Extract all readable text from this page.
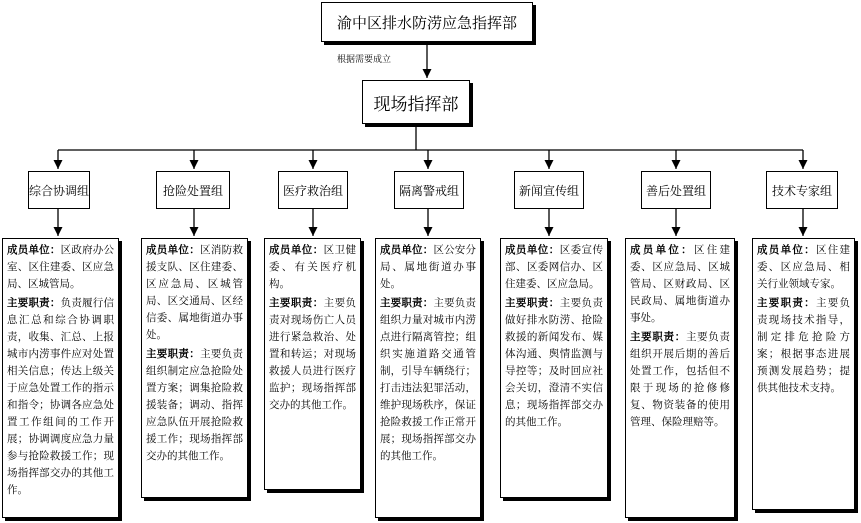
渝中区排水防涝应急指挥部
根据需要成立
现场指挥部
综合协调组	抢险处置组	医疗救治组	隔离警戒组	新闻宣传组	善后处置组	技术专家组

成员单位：区政府办公室、区住建委、区应急局、区城管局。

主要职责：负责履行信息汇总和综合协调职责，收集、汇总、上报城市内涝事件应对处置相关信息；传达上级关于应急处置工作的指示和指令；协调各应急处置工作组间的工作开展；协调调度应急力量参与抢险救援工作；现场指挥部交办的其他工作。

成员单位：区消防救援支队、区住建委、区应急局、区城管局、区交通局、区经信委、属地街道办事处。

主要职责：主要负责组织制定应急抢险处置方案；调集抢险救援装备；调动、指挥应急队伍开展抢险救援工作；现场指挥部交办的其他工作。

成员单位：区卫健委、有关医疗机构。

主要职责：主要负责对现场伤亡人员进行紧急救治、处置和转运；对现场救援人员进行医疗监护；现场指挥部交办的其他工作。

成员单位：区公安分局、属地街道办事处。

主要职责：主要负责组织力量对城市内涝点进行隔离管控；组织实施道路交通管制，引导车辆绕行；打击违法犯罪活动，维护现场秩序，保证抢险救援工作正常开展；现场指挥部交办的其他工作。

成员单位：区委宣传部、区委网信办、区住建委、区应急局。

主要职责：主要负责做好排水防涝、抢险救援的新闻发布、媒体沟通、舆情监测与导控等；及时回应社会关切，澄清不实信息；现场指挥部交办的其他工作。

成员单位：区住建委、区应急局、区城管局、区财政局、区民政局、属地街道办事处。

主要职责：主要负责组织开展后期的善后处置工作，包括但不限于现场的抢修修复、物资装备的使用管理、保险理赔等。

成员单位：区住建委、区应急局、相关行业领域专家。

主要职责：主要负责现场技术指导，制定排危抢险方案；根据事态进展预测发展趋势；提供其他技术支持。
